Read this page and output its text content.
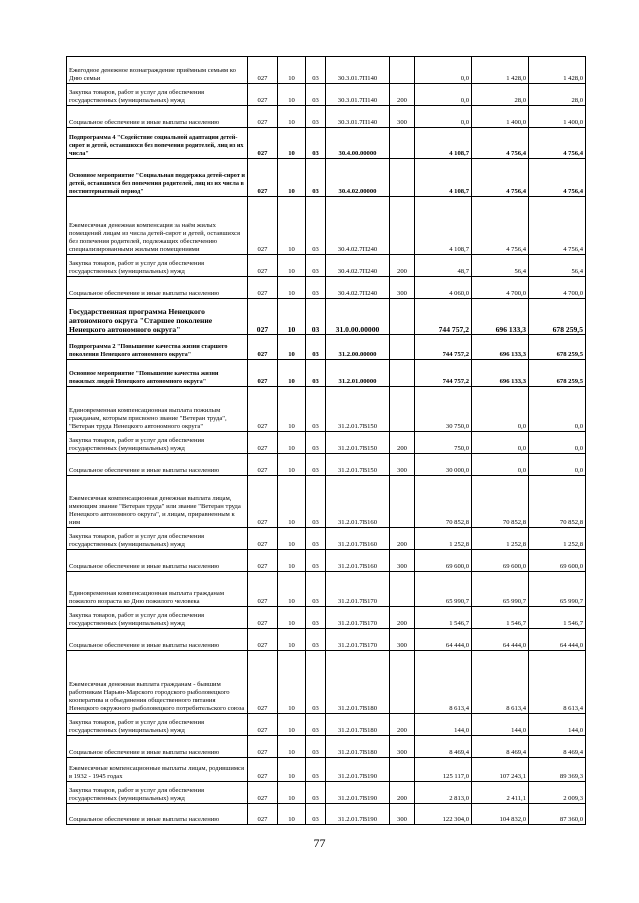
Ежегодное денежное вознаграждение приёмным семьям ко Дню семьи	027	10	03	30.3.01.7П140		0,0	1 428,0	1 428,0
Закупка товаров, работ и услуг для обеспечения государственных (муниципальных) нужд	027	10	03	30.3.01.7П140	200	0,0	28,0	28,0
Социальное обеспечение и иные выплаты населению	027	10	03	30.3.01.7П140	300	0,0	1 400,0	1 400,0
Подпрограмма 4 "Содействие социальной адаптации детей-сирот и детей, оставшихся без попечения родителей, лиц из их числа"	027	10	03	30.4.00.00000		4 108,7	4 756,4	4 756,4
Основное мероприятие "Социальная поддержка детей-сирот и детей, оставшихся без попечения родителей, лиц из их числа в постинтернатный период"	027	10	03	30.4.02.00000		4 108,7	4 756,4	4 756,4
Ежемесячная денежная компенсация за наём жилых помещений лицам из числа детей-сирот и детей, оставшихся без попечения родителей, подлежащих обеспечению специализированными жилыми помещениями	027	10	03	30.4.02.7П240		4 108,7	4 756,4	4 756,4
Закупка товаров, работ и услуг для обеспечения государственных (муниципальных) нужд	027	10	03	30.4.02.7П240	200	48,7	56,4	56,4
Социальное обеспечение и иные выплаты населению	027	10	03	30.4.02.7П240	300	4 060,0	4 700,0	4 700,0
Государственная программа Ненецкого автономного округа "Старшее поколение Ненецкого автономного округа"	027	10	03	31.0.00.00000		744 757,2	696 133,3	678 259,5
Подпрограмма 2 "Повышение качества жизни старшего поколения Ненецкого автономного округа"	027	10	03	31.2.00.00000		744 757,2	696 133,3	678 259,5
Основное мероприятие "Повышение качества жизни пожилых людей Ненецкого автономного округа"	027	10	03	31.2.01.00000		744 757,2	696 133,3	678 259,5
Единовременная компенсационная выплата пожилым гражданам, которым присвоено звание "Ветеран труда", "Ветеран труда Ненецкого автономного округа"	027	10	03	31.2.01.7В150		30 750,0	0,0	0,0
Закупка товаров, работ и услуг для обеспечения государственных (муниципальных) нужд	027	10	03	31.2.01.7В150	200	750,0	0,0	0,0
Социальное обеспечение и иные выплаты населению	027	10	03	31.2.01.7В150	300	30 000,0	0,0	0,0
Ежемесячная компенсационная денежная выплата лицам, имеющим звание "Ветеран труда" или звание "Ветеран труда Ненецкого автономного округа", и лицам, приравненным к ним	027	10	03	31.2.01.7В160		70 852,8	70 852,8	70 852,8
Закупка товаров, работ и услуг для обеспечения государственных (муниципальных) нужд	027	10	03	31.2.01.7В160	200	1 252,8	1 252,8	1 252,8
Социальное обеспечение и иные выплаты населению	027	10	03	31.2.01.7В160	300	69 600,0	69 600,0	69 600,0
Единовременная компенсационная выплата гражданам пожилого возраста ко Дню пожилого человека	027	10	03	31.2.01.7В170		65 990,7	65 990,7	65 990,7
Закупка товаров, работ и услуг для обеспечения государственных (муниципальных) нужд	027	10	03	31.2.01.7В170	200	1 546,7	1 546,7	1 546,7
Социальное обеспечение и иные выплаты населению	027	10	03	31.2.01.7В170	300	64 444,0	64 444,0	64 444,0
Ежемесячная денежная выплата гражданам - бывшим работникам Нарьян-Марского городского рыболовецкого кооператива и объединения общественного питания Ненецкого окружного рыболовецкого потребительского союза	027	10	03	31.2.01.7В180		8 613,4	8 613,4	8 613,4
Закупка товаров, работ и услуг для обеспечения государственных (муниципальных) нужд	027	10	03	31.2.01.7В180	200	144,0	144,0	144,0
Социальное обеспечение и иные выплаты населению	027	10	03	31.2.01.7В180	300	8 469,4	8 469,4	8 469,4
Ежемесячные компенсационные выплаты лицам, родившимся в 1932 - 1945 годах	027	10	03	31.2.01.7В190		125 117,0	107 243,1	89 369,3
Закупка товаров, работ и услуг для обеспечения государственных (муниципальных) нужд	027	10	03	31.2.01.7В190	200	2 813,0	2 411,1	2 009,3
Социальное обеспечение и иные выплаты населению	027	10	03	31.2.01.7В190	300	122 304,0	104 832,0	87 360,0
77
